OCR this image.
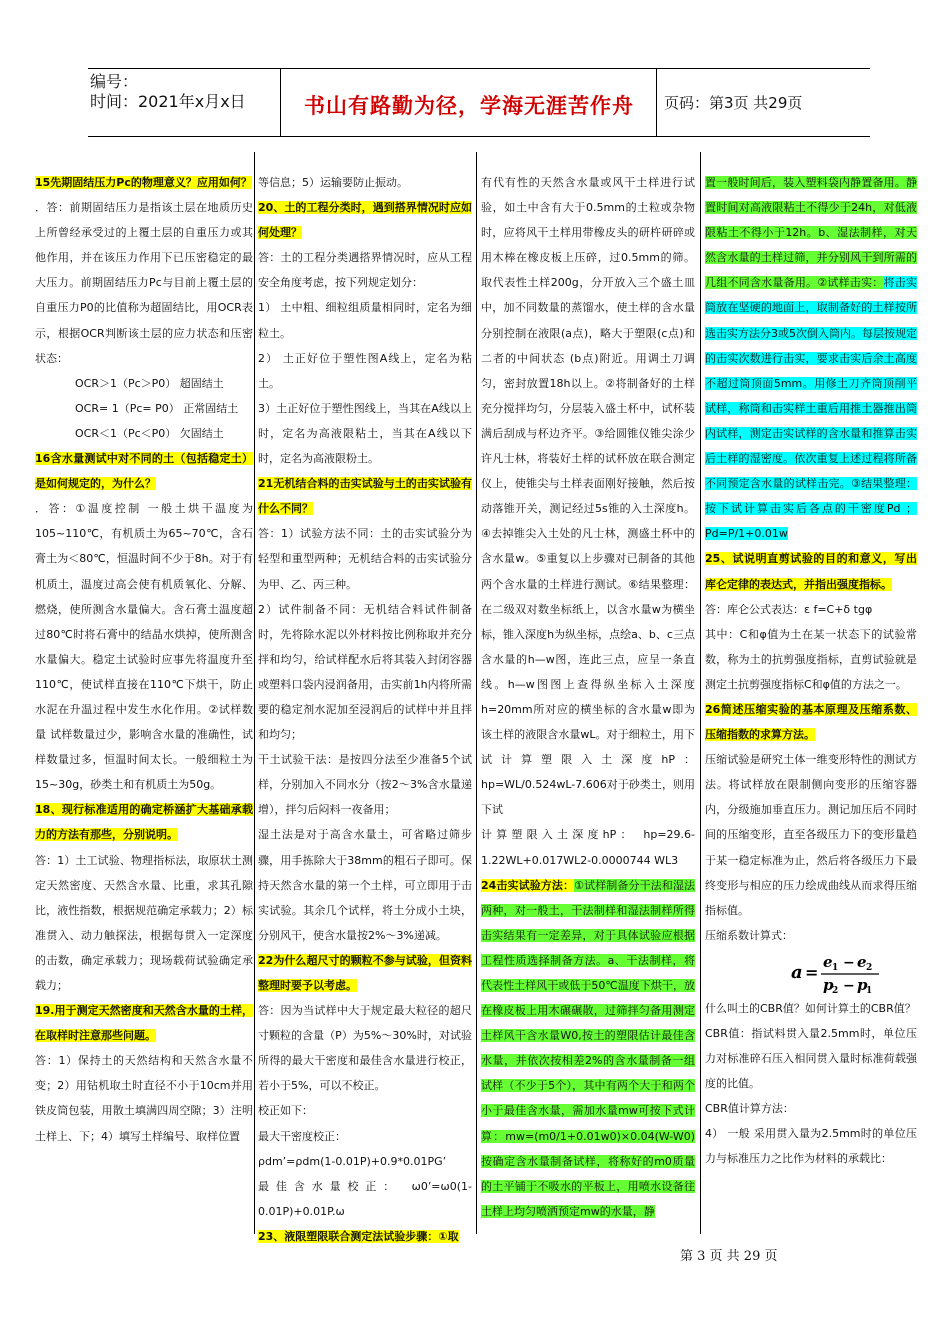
编号：
时间：2021年x月x日	书山有路勤为径，学海无涯苦作舟	页码：第3页 共29页

15先期固结压力Pc的物理意义？应用如何？

．答：前期固结压力是指该土层在地质历史上所曾经承受过的上覆土层的自重压力或其他作用，并在该压力作用下已压密稳定的最大压力。前期固结压力Pc与目前上覆土层的自重压力P0的比值称为超固结比，用OCR表示，根据OCR判断该土层的应力状态和压密状态：

OCR＞1（Pc＞P0） 超固结土

OCR= 1（Pc= P0） 正常固结土

OCR＜1（Pc＜P0） 欠固结土

16含水量测试中对不同的土（包括稳定土）是如何规定的，为什么？

．答：①温度控制 一般土烘干温度为105~110℃，有机质土为65~70℃，含石膏土为＜80℃，恒温时间不少于8h。对于有机质土，温度过高会使有机质氧化、分解、燃烧，使所测含水量偏大。含石膏土温度超过80℃时将石膏中的结晶水烘掉，使所测含水量偏大。稳定土试验时应事先将温度升至110℃，使试样直接在110℃下烘干，防止水泥在升温过程中发生水化作用。②试样数量 试样数量过少，影响含水量的准确性，试样数量过多，恒温时间太长。一般细粒土为15~30g，砂类土和有机质土为50g。

18、现行标准适用的确定桥涵扩大基础承载力的方法有那些，分别说明。

答：1）土工试验、物理指标法，取原状土测定天然密度、天然含水量、比重，求其孔隙比，液性指数，根据规范确定承载力；2）标准贯入、动力触探法，根据每贯入一定深度的击数，确定承载力；现场载荷试验确定承载力；

19.用于测定天然密度和天然含水量的土样，在取样时注意那些问题。

答：1）保持土的天然结构和天然含水量不变；2）用钻机取土时直径不小于10cm并用铁皮筒包装，用散土填满四周空隙；3）注明土样上、下；4）填写土样编号、取样位置

等信息；5）运输要防止振动。

20、土的工程分类时，遇到搭界情况时应如何处理？

答：土的工程分类遇搭界情况时，应从工程安全角度考虑，按下列规定划分：

1） 土中粗、细粒组质量相同时，定名为细粒土。

2） 土正好位于塑性图A线上，定名为粘土。

3）土正好位于塑性图线上，当其在A线以上时，定名为高液限粘土，当其在A线以下时，定名为高液限粉土。

21无机结合料的击实试验与土的击实试验有什么不同？

答：1）试验方法不同：土的击实试验分为轻型和重型两种；无机结合料的击实试验分为甲、乙、丙三种。

2）试件制备不同：无机结合料试件制备时，先将除水泥以外材料按比例称取并充分拌和均匀，给试样配水后将其装入封闭容器或塑料口袋内浸润备用，击实前1h内将所需要的稳定剂水泥加至浸润后的试样中并且拌和均匀；

干土试验干法：是按四分法至少准备5个试样，分别加入不同水分（按2～3%含水量递增），拌匀后闷料一夜备用；

湿土法是对于高含水量土，可省略过筛步骤，用手拣除大于38mm的粗石子即可。保持天然含水量的第一个土样，可立即用于击实试验。其余几个试样，将土分成小土块，分别风干，使含水量按2%～3%递减。

22为什么超尺寸的颗粒不参与试验，但资料整理时要予以考虑。

答：因为当试样中大于规定最大粒径的超尺寸颗粒的含量（P）为5%～30%时，对试验所得的最大干密度和最佳含水量进行校正，若小于5%，可以不校正。

校正如下：

最大干密度校正：

ρdm’=ρdm(1-0.01P)+0.9*0.01PG’

最佳含水量校正： ω0’=ω0(1-0.01P)+0.01P.ω

23、液限塑限联合测定法试验步骤：①取

有代有性的天然含水量或风干土样进行试验，如土中含有大于0.5mm的土粒或杂物时，应将风干土样用带橡皮头的研杵研碎或用木棒在橡皮板上压碎，过0.5mm的筛。取代表性土样200g，分开放入三个盛土皿中，加不同数量的蒸馏水，使土样的含水量分别控制在液限(a点)，略大于塑限(c点)和二者的中间状态 (b点)附近。用调土刀调匀，密封放置18h以上。②将制备好的土样充分搅拌均匀，分层装入盛土杯中，试杯装满后刮成与杯边齐平。③给圆锥仪锥尖涂少许凡士林，将装好土样的试杯放在联合测定仪上，使锥尖与土样表面刚好接触，然后按动落锥开关，测记经过5s锥的入土深度h。④去掉锥尖入土处的凡士林，测盛土杯中的含水量w。⑤重复以上步骤对已制备的其他两个含水量的土样进行测试。⑥结果整理：在二级双对数坐标纸上，以含水量w为横坐标，锥入深度h为纵坐标，点绘a、b、c三点含水量的h—w图，连此三点，应呈一条直线。h—w图图上查得纵坐标入土深度h=20mm所对应的横坐标的含水量w即为该土样的液限含水量wL。对于细粒土，用下试计算塑限入土深度hP：hp=WL/0.524wL-7.606对于砂类土，则用下试

计算塑限入土深度hP： hp=29.6-1.22WL+0.017WL2-0.0000744 WL3

24击实试验方法：①试样制备分干法和湿法两种，对一般土，干法制样和湿法制样所得击实结果有一定差异，对于具体试验应根据工程性质选择制备方法。a、干法制样，将代表性土样风干或低于50℃温度下烘干，放在橡皮板上用木碾碾散，过筛拌匀备用测定土样风干含水量W0,按土的塑限估计最佳含水量，并依次按相差2%的含水量制备一组试样（不少于5个），其中有两个大于和两个小于最佳含水量，需加水量mw可按下式计算：mw=(m0/1+0.01w0)×0.04(W-W0)按确定含水量制备试样，将称好的m0质量的土平铺于不吸水的平板上，用喷水设备往土样上均匀喷洒预定mw的水量，静

置一般时间后，装入塑料袋内静置备用。静置时间对高液限粘土不得少于24h，对低液限粘土不得小于12h。b、湿法制样，对天然含水量的土样过筛，并分别风干到所需的几组不同含水量备用。②试样击实：将击实筒放在坚硬的地面上，取制备好的土样按所选击实方法分3或5次倒入筒内。每层按规定的击实次数进行击实，要求击实后余土高度不超过筒顶面5mm。用修土刀齐筒顶削平试样，称筒和击实样土重后用推土器推出筒内试样，测定击实试样的含水量和推算击实后土样的湿密度。依次重复上述过程将所备不同预定含水量的试样击完。③结果整理：按下试计算击实后各点的干密度Pd ； Pd=P/1+0.01w

25、试说明直剪试验的目的和意义，写出库仑定律的表达式，并指出强度指标。

答：库仑公式表达：ε f=C+δ tgφ

其中：C和φ值为土在某一状态下的试验常数，称为土的抗剪强度指标，直剪试验就是测定土抗剪强度指标C和φ值的方法之一。

26简述压缩实验的基本原理及压缩系数、压缩指数的求算方法。

压缩试验是研究土体一维变形特性的测试方法。将试样放在限制侧向变形的压缩容器内，分级施加垂直压力。测记加压后不同时间的压缩变形，直至各级压力下的变形量趋于某一稳定标准为止，然后将各级压力下最终变形与相应的压力绘成曲线从而求得压缩指标值。

压缩系数计算式：
a =
e 1 − e 2
p
2 − p
1

什么叫土的CBR值？如何计算土的CBR值？

CBR值：指试料贯入量2.5mm时，单位压力对标准碎石压入相同贯入量时标准荷载强度的比值。

CBR值计算方法：

4） 一般 采用贯入量为2.5mm时的单位压力与标准压力之比作为材料的承载比：

第 3 页 共 29 页
